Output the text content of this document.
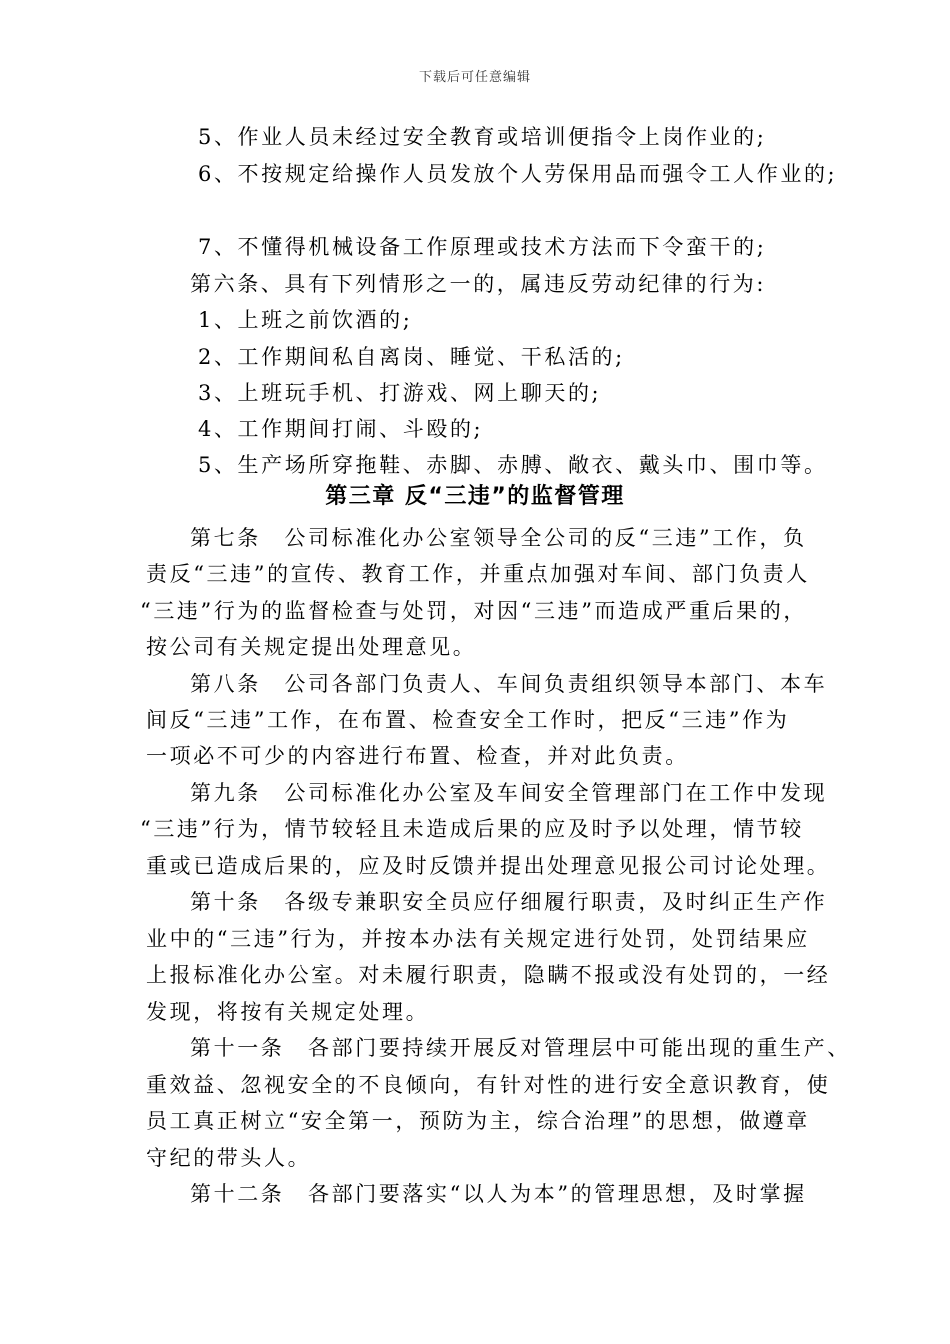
下载后可任意编辑
5、作业人员未经过安全教育或培训便指令上岗作业的;
6、不按规定给操作人员发放个人劳保用品而强令工人作业的;
7、不懂得机械设备工作原理或技术方法而下令蛮干的;
第六条、具有下列情形之一的，属违反劳动纪律的行为:
1、上班之前饮酒的;
2、工作期间私自离岗、睡觉、干私活的;
3、上班玩手机、打游戏、网上聊天的;
4、工作期间打闹、斗殴的;
5、生产场所穿拖鞋、赤脚、赤膊、敞衣、戴头巾、围巾等。
第三章 反“三违”的监督管理
第七条　公司标准化办公室领导全公司的反“三违”工作，负
责反“三违”的宣传、教育工作，并重点加强对车间、部门负责人
“三违”行为的监督检查与处罚，对因“三违”而造成严重后果的，
按公司有关规定提出处理意见。
第八条　公司各部门负责人、车间负责组织领导本部门、本车
间反“三违”工作，在布置、检查安全工作时，把反“三违”作为
一项必不可少的内容进行布置、检查，并对此负责。
第九条　公司标准化办公室及车间安全管理部门在工作中发现
“三违”行为，情节较轻且未造成后果的应及时予以处理，情节较
重或已造成后果的，应及时反馈并提出处理意见报公司讨论处理。
第十条　各级专兼职安全员应仔细履行职责，及时纠正生产作
业中的“三违”行为，并按本办法有关规定进行处罚，处罚结果应
上报标准化办公室。对未履行职责，隐瞒不报或没有处罚的，一经
发现，将按有关规定处理。
第十一条　各部门要持续开展反对管理层中可能出现的重生产、
重效益、忽视安全的不良倾向，有针对性的进行安全意识教育，使
员工真正树立“安全第一，预防为主，综合治理”的思想，做遵章
守纪的带头人。
第十二条　各部门要落实“以人为本”的管理思想，及时掌握
